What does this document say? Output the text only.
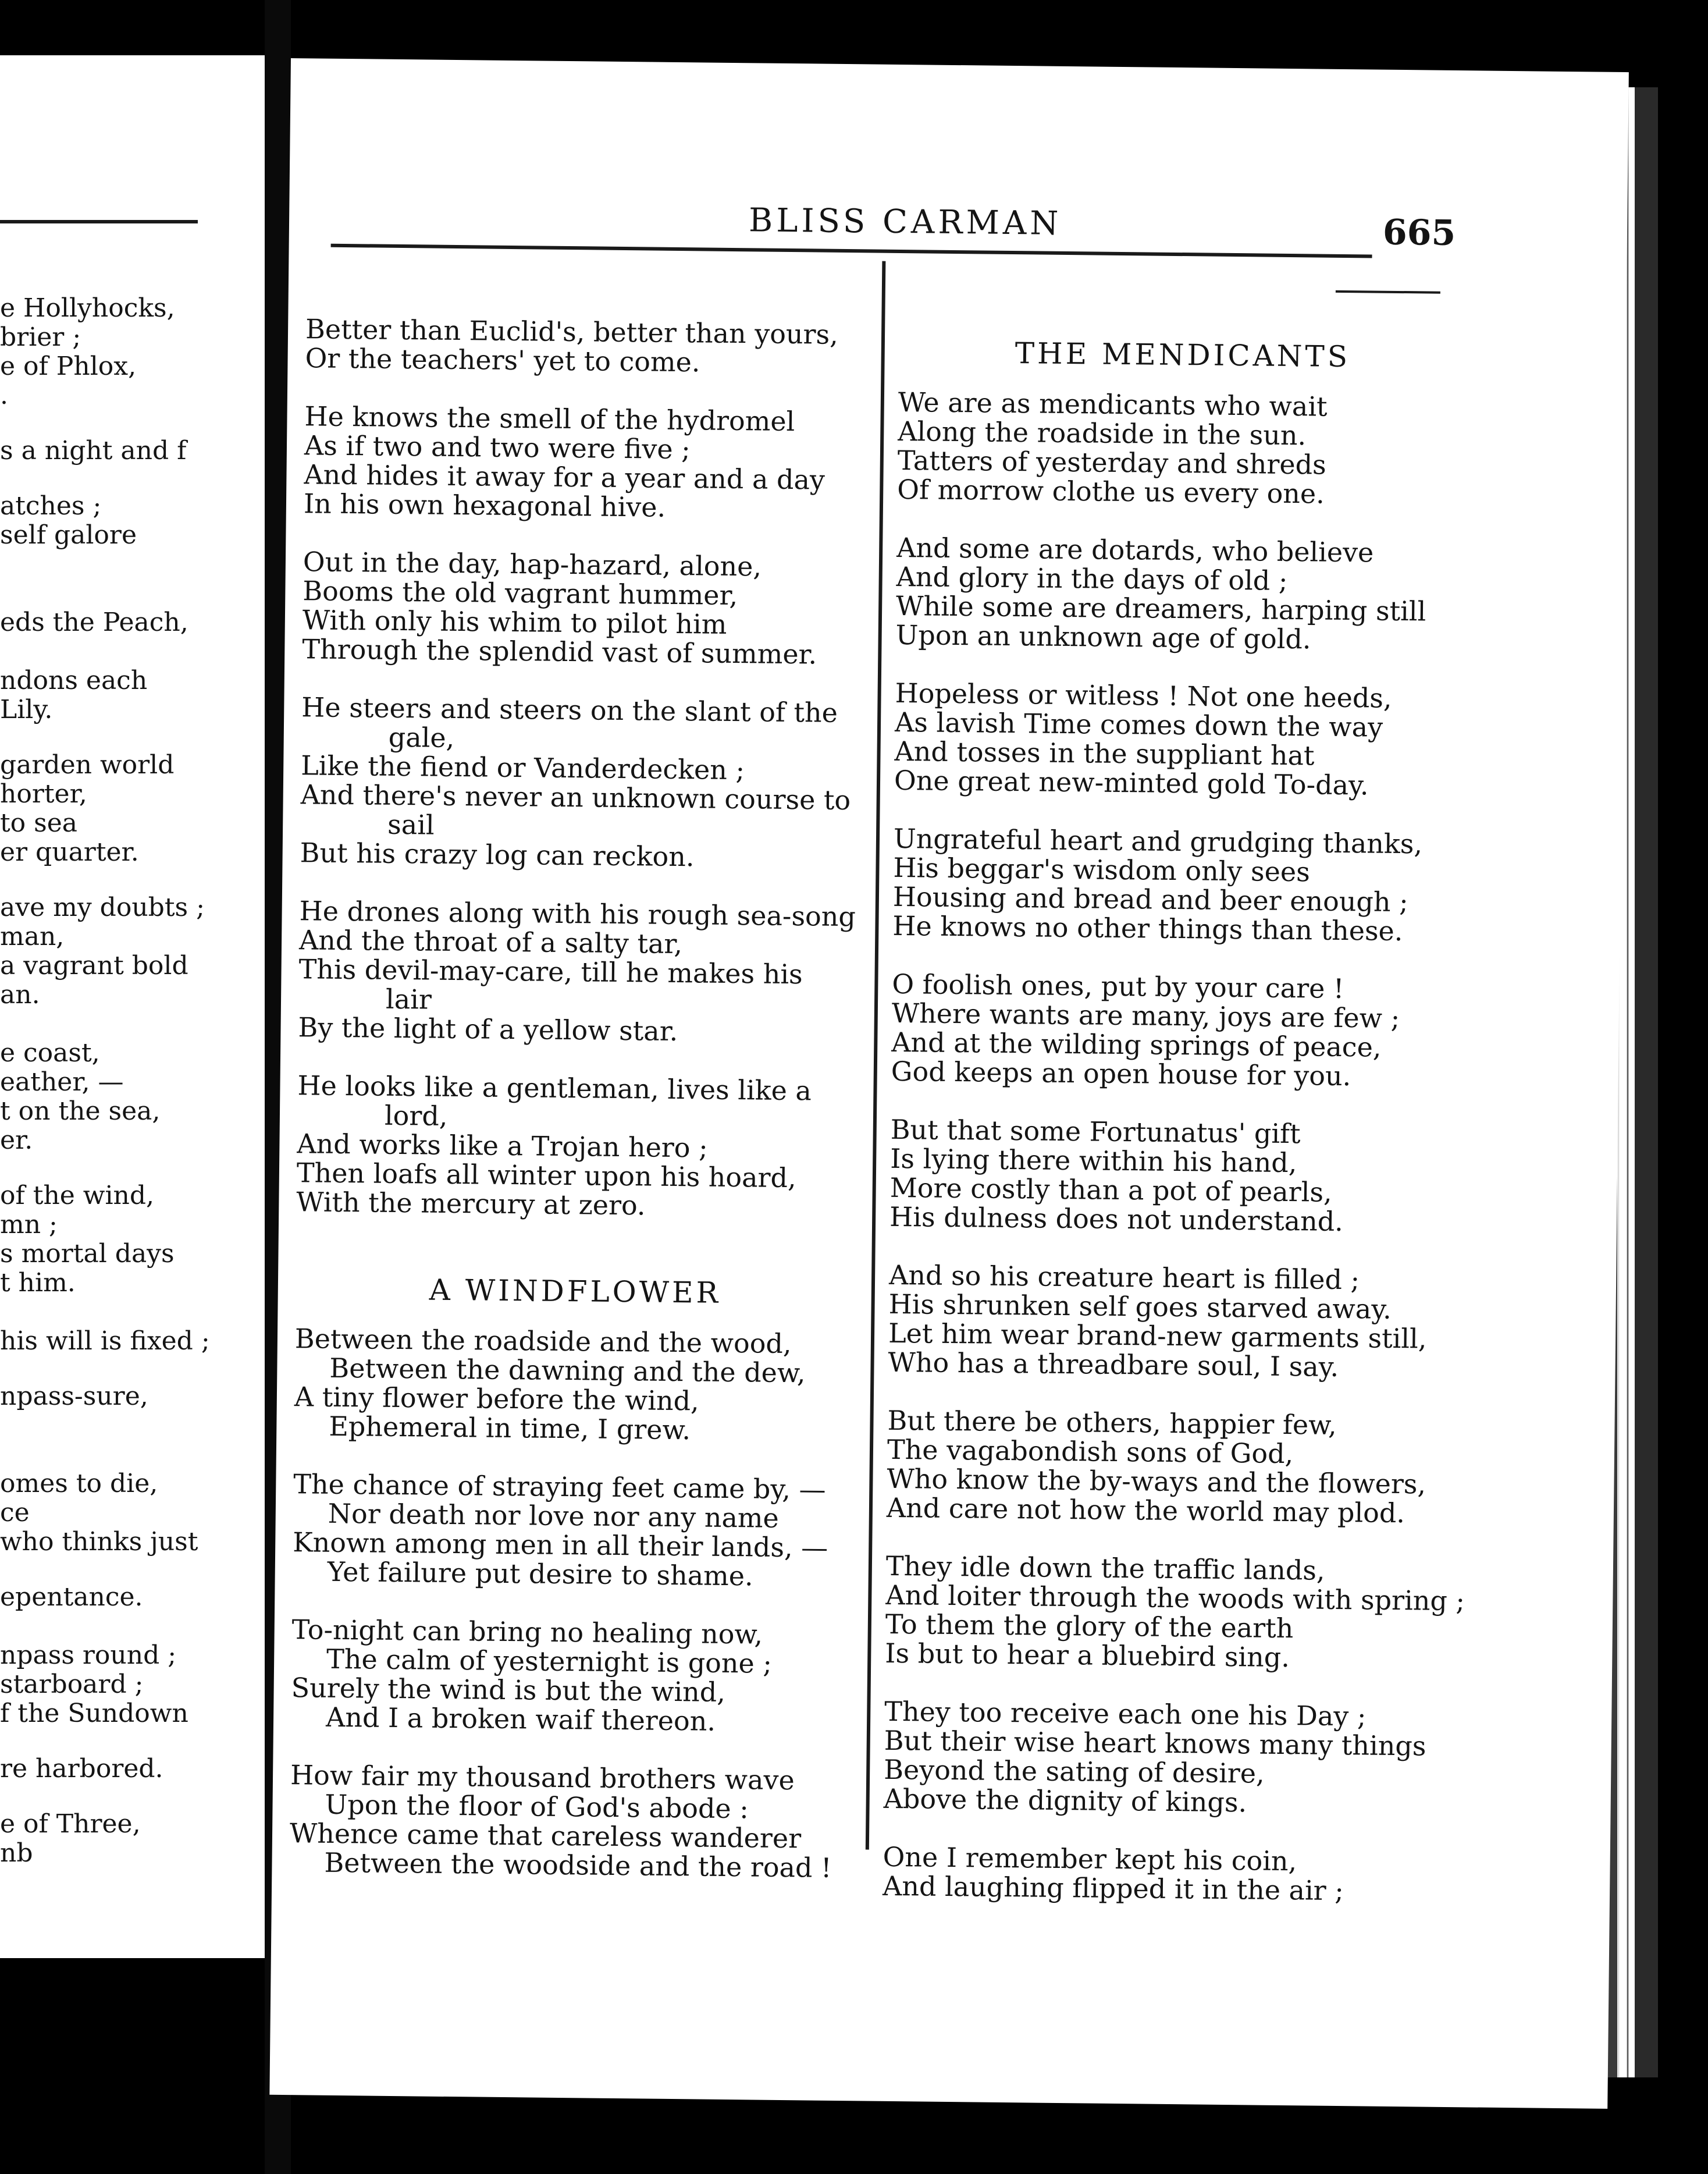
e Hollyhocks,
brier ;
e of Phlox,
.
s a night and f
atches ;
self galore
eds the Peach,
ndons each
Lily.
garden world
horter,
to sea
er quarter.
ave my doubts ;
man,
a vagrant bold
an.
e coast,
eather, —
t on the sea,
er.
of the wind,
mn ;
s mortal days
t him.
his will is fixed ;
npass-sure,
omes to die,
ce
who thinks just
epentance.
npass round ;
starboard ;
f the Sundown
re harbored.
e of Three,
nb
BLISS CARMAN	665
A WINDFLOWER
Better than Euclid's, better than yours,
Or the teachers' yet to come.
He knows the smell of the hydromel
As if two and two were five ;
And hides it away for a year and a day
In his own hexagonal hive.
Out in the day, hap-hazard, alone,
Booms the old vagrant hummer,
With only his whim to pilot him
Through the splendid vast of summer.
He steers and steers on the slant of the
gale,
Like the fiend or Vanderdecken ;
And there's never an unknown course to
sail
But his crazy log can reckon.
He drones along with his rough sea-song
And the throat of a salty tar,
This devil-may-care, till he makes his
lair
By the light of a yellow star.
He looks like a gentleman, lives like a
lord,
And works like a Trojan hero ;
Then loafs all winter upon his hoard,
With the mercury at zero.
Between the roadside and the wood,
Between the dawning and the dew,
A tiny flower before the wind,
Ephemeral in time, I grew.
The chance of straying feet came by, —
Nor death nor love nor any name
Known among men in all their lands, —
Yet failure put desire to shame.
To-night can bring no healing now,
The calm of yesternight is gone ;
Surely the wind is but the wind,
And I a broken waif thereon.
How fair my thousand brothers wave
Upon the floor of God's abode :
Whence came that careless wanderer
Between the woodside and the road !
THE MENDICANTS
We are as mendicants who wait
Along the roadside in the sun.
Tatters of yesterday and shreds
Of morrow clothe us every one.
And some are dotards, who believe
And glory in the days of old ;
While some are dreamers, harping still
Upon an unknown age of gold.
Hopeless or witless ! Not one heeds,
As lavish Time comes down the way
And tosses in the suppliant hat
One great new-minted gold To-day.
Ungrateful heart and grudging thanks,
His beggar's wisdom only sees
Housing and bread and beer enough ;
He knows no other things than these.
O foolish ones, put by your care !
Where wants are many, joys are few ;
And at the wilding springs of peace,
God keeps an open house for you.
But that some Fortunatus' gift
Is lying there within his hand,
More costly than a pot of pearls,
His dulness does not understand.
And so his creature heart is filled ;
His shrunken self goes starved away.
Let him wear brand-new garments still,
Who has a threadbare soul, I say.
But there be others, happier few,
The vagabondish sons of God,
Who know the by-ways and the flowers,
And care not how the world may plod.
They idle down the traffic lands,
And loiter through the woods with spring ;
To them the glory of the earth
Is but to hear a bluebird sing.
They too receive each one his Day ;
But their wise heart knows many things
Beyond the sating of desire,
Above the dignity of kings.
One I remember kept his coin,
And laughing flipped it in the air ;
